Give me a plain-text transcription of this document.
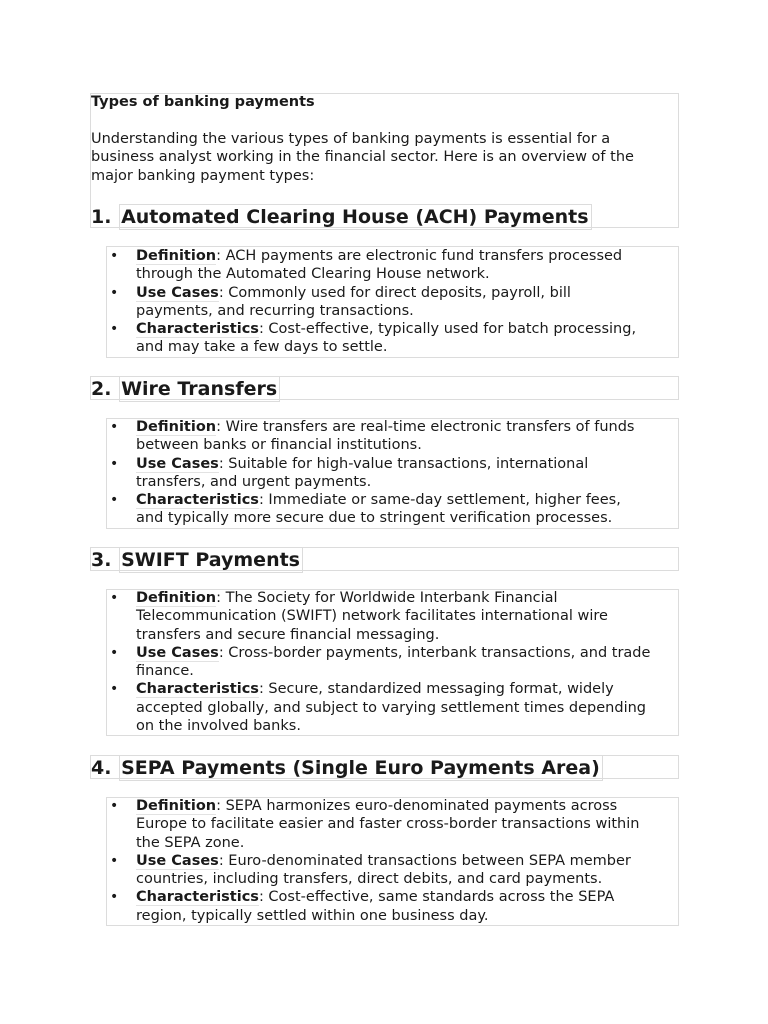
Types of banking payments

Understanding the various types of banking payments is essential for a business analyst working in the financial sector. Here is an overview of the major banking payment types:

1. Automated Clearing House (ACH) Payments
• Definition: ACH payments are electronic fund transfers processed through the Automated Clearing House network.
• Use Cases: Commonly used for direct deposits, payroll, bill payments, and recurring transactions.
• Characteristics: Cost-effective, typically used for batch processing, and may take a few days to settle.
2. Wire Transfers
• Definition: Wire transfers are real-time electronic transfers of funds between banks or financial institutions.
• Use Cases: Suitable for high-value transactions, international transfers, and urgent payments.
• Characteristics: Immediate or same-day settlement, higher fees, and typically more secure due to stringent verification processes.
3. SWIFT Payments
• Definition: The Society for Worldwide Interbank Financial Telecommunication (SWIFT) network facilitates international wire transfers and secure financial messaging.
• Use Cases: Cross-border payments, interbank transactions, and trade finance.
• Characteristics: Secure, standardized messaging format, widely accepted globally, and subject to varying settlement times depending on the involved banks.
4. SEPA Payments (Single Euro Payments Area)
• Definition: SEPA harmonizes euro-denominated payments across Europe to facilitate easier and faster cross-border transactions within the SEPA zone.
• Use Cases: Euro-denominated transactions between SEPA member countries, including transfers, direct debits, and card payments.
• Characteristics: Cost-effective, same standards across the SEPA region, typically settled within one business day.
